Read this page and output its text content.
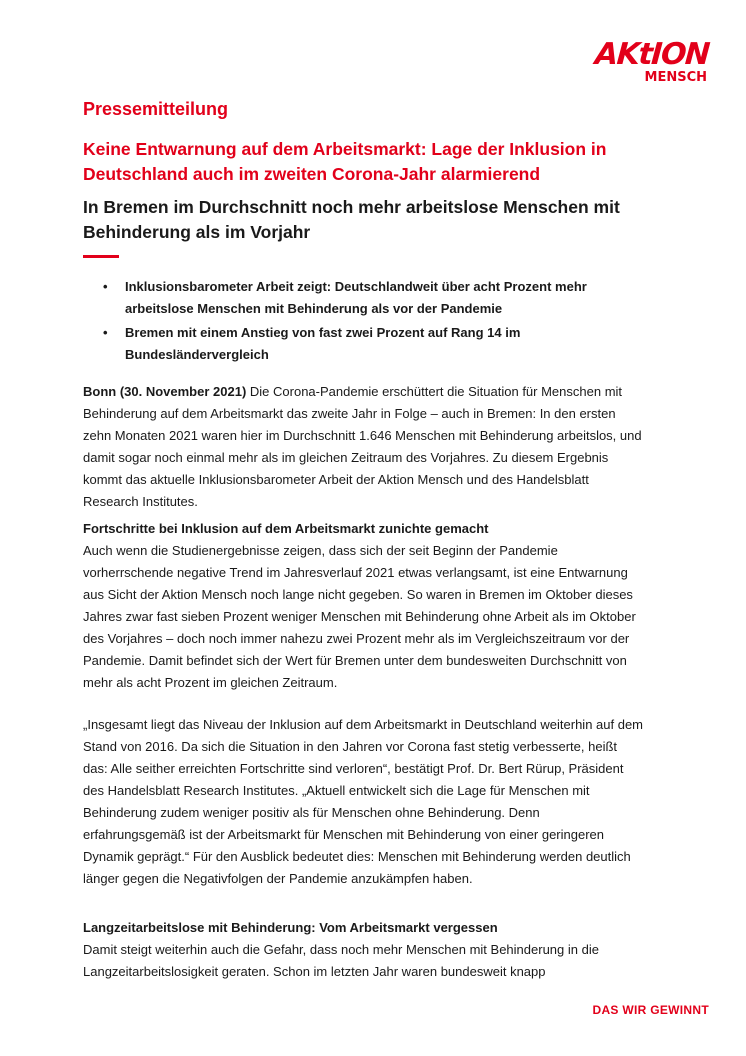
AKtION
MENSCH
Pressemitteilung
Keine Entwarnung auf dem Arbeitsmarkt: Lage der Inklusion in Deutschland auch im zweiten Corona-Jahr alarmierend
In Bremen im Durchschnitt noch mehr arbeitslose Menschen mit Behinderung als im Vorjahr
• Inklusionsbarometer Arbeit zeigt: Deutschlandweit über acht Prozent mehr arbeitslose Menschen mit Behinderung als vor der Pandemie
• Bremen mit einem Anstieg von fast zwei Prozent auf Rang 14 im Bundesländervergleich

Bonn (30. November 2021) Die Corona-Pandemie erschüttert die Situation für Menschen mit Behinderung auf dem Arbeitsmarkt das zweite Jahr in Folge – auch in Bremen: In den ersten zehn Monaten 2021 waren hier im Durchschnitt 1.646 Menschen mit Behinderung arbeitslos, und damit sogar noch einmal mehr als im gleichen Zeitraum des Vorjahres. Zu diesem Ergebnis kommt das aktuelle Inklusionsbarometer Arbeit der Aktion Mensch und des Handelsblatt Research Institutes.

Fortschritte bei Inklusion auf dem Arbeitsmarkt zunichte gemacht

Auch wenn die Studienergebnisse zeigen, dass sich der seit Beginn der Pandemie vorherrschende negative Trend im Jahresverlauf 2021 etwas verlangsamt, ist eine Entwarnung aus Sicht der Aktion Mensch noch lange nicht gegeben. So waren in Bremen im Oktober dieses Jahres zwar fast sieben Prozent weniger Menschen mit Behinderung ohne Arbeit als im Oktober des Vorjahres – doch noch immer nahezu zwei Prozent mehr als im Vergleichszeitraum vor der Pandemie. Damit befindet sich der Wert für Bremen unter dem bundesweiten Durchschnitt von mehr als acht Prozent im gleichen Zeitraum.

„Insgesamt liegt das Niveau der Inklusion auf dem Arbeitsmarkt in Deutschland weiterhin auf dem Stand von 2016. Da sich die Situation in den Jahren vor Corona fast stetig verbesserte, heißt das: Alle seither erreichten Fortschritte sind verloren“, bestätigt Prof. Dr. Bert Rürup, Präsident des Handelsblatt Research Institutes. „Aktuell entwickelt sich die Lage für Menschen mit Behinderung zudem weniger positiv als für Menschen ohne Behinderung. Denn erfahrungsgemäß ist der Arbeitsmarkt für Menschen mit Behinderung von einer geringeren Dynamik geprägt.“ Für den Ausblick bedeutet dies: Menschen mit Behinderung werden deutlich länger gegen die Negativfolgen der Pandemie anzukämpfen haben.

Langzeitarbeitslose mit Behinderung: Vom Arbeitsmarkt vergessen

Damit steigt weiterhin auch die Gefahr, dass noch mehr Menschen mit Behinderung in die Langzeitarbeitslosigkeit geraten. Schon im letzten Jahr waren bundesweit knapp

DAS WIR GEWINNT
